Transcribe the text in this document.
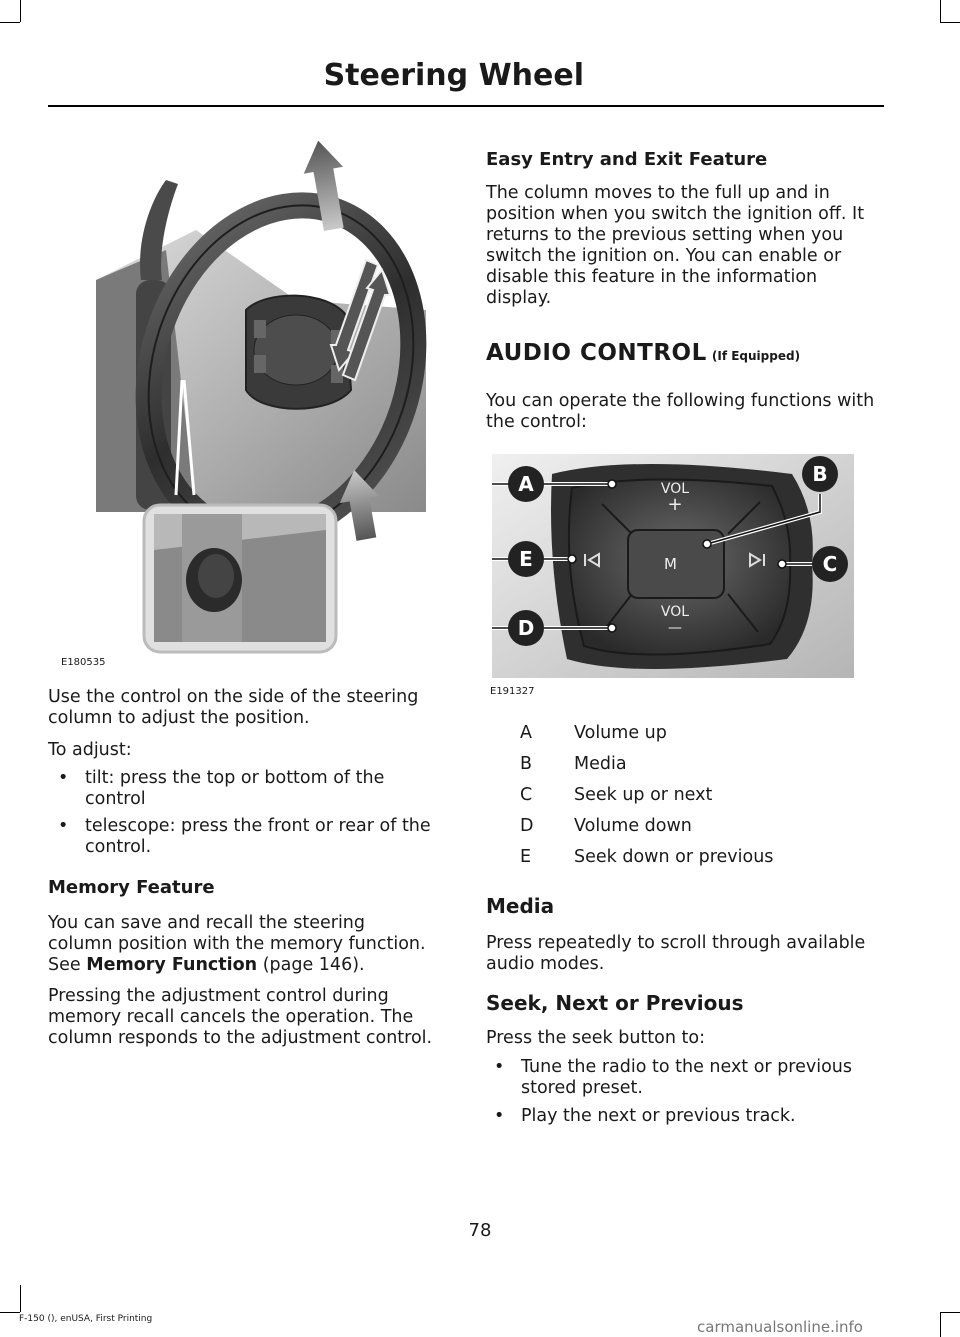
Steering Wheel
E180535

Use the control on the side of the steering column to adjust the position.

To adjust:

• tilt: press the top or bottom of the
control
• telescope: press the front or rear of the
control.
Memory Feature

You can save and recall the steering
column position with the memory function.
See Memory Function (page 146).

Pressing the adjustment control during memory recall cancels the operation. The column responds to the adjustment control.

Easy Entry and Exit Feature

The column moves to the full up and in position when you switch the ignition off. It returns to the previous setting when you switch the ignition on. You can enable or disable this feature in the information display.

AUDIO CONTROL (If Equipped)

You can operate the following functions with the control:

VOL
+
M
VOL
—
A
E
D
B
C
E191327
A Volume up
B Media
C Seek up or next
D Volume down
E Seek down or previous
Media

Press repeatedly to scroll through available audio modes.

Seek, Next or Previous

Press the seek button to:

• Tune the radio to the next or previous
stored preset.
• Play the next or previous track.
78
F-150 (), enUSA, First Printing	carmanualsonline.info
